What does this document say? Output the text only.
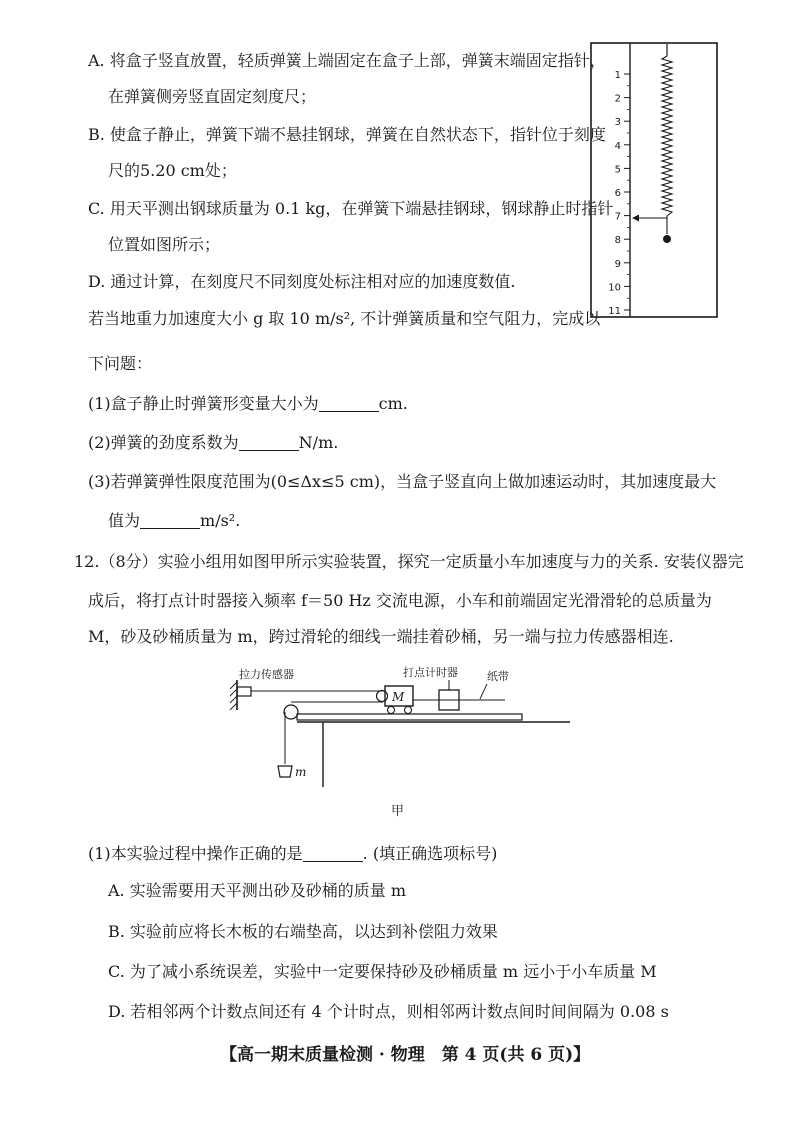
A. 将盒子竖直放置，轻质弹簧上端固定在盒子上部，弹簧末端固定指针，
在弹簧侧旁竖直固定刻度尺；
B. 使盒子静止，弹簧下端不悬挂钢球，弹簧在自然状态下，指针位于刻度
尺的5.20 cm处；
C. 用天平测出钢球质量为 0.1 kg，在弹簧下端悬挂钢球，钢球静止时指针
位置如图所示；
D. 通过计算，在刻度尺不同刻度处标注相对应的加速度数值.
若当地重力加速度大小 g 取 10 m/s², 不计弹簧质量和空气阻力，完成以
下问题：
1
2
3
4
5
6
7
8
9
10
11
(1)盒子静止时弹簧形变量大小为	cm.
(2)弹簧的劲度系数为	N/m.
(3)若弹簧弹性限度范围为(0≤Δx≤5 cm)，当盒子竖直向上做加速运动时，其加速度最大
值为	m/s².
12.（8分）实验小组用如图甲所示实验装置，探究一定质量小车加速度与力的关系. 安装仪器完
成后，将打点计时器接入频率 f＝50 Hz 交流电源，小车和前端固定光滑滑轮的总质量为
M，砂及砂桶质量为 m，跨过滑轮的细线一端挂着砂桶，另一端与拉力传感器相连.
拉力传感器
M
打点计时器	纸带
m
甲
(1)本实验过程中操作正确的是	. (填正确选项标号)
A. 实验需要用天平测出砂及砂桶的质量 m
B. 实验前应将长木板的右端垫高，以达到补偿阻力效果
C. 为了减小系统误差，实验中一定要保持砂及砂桶质量 m 远小于小车质量 M
D. 若相邻两个计数点间还有 4 个计时点，则相邻两计数点间时间间隔为 0.08 s
【高一期末质量检测 · 物理　第 4 页(共 6 页)】
